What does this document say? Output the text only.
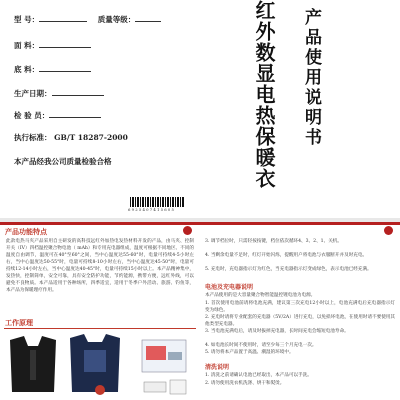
型 号：	质量等级：
面 料：
底 料：
生产日期：
检 验 员：
执行标准： GB/T 18287-2000
本产品经我公司质量检验合格
6 9 2 5 4 0 7 4 1 5 6 0 5
红外数显电热保暖衣 产品使用说明书
产品功能特点
此款电热马夹产品采用自主研发的高科技远红外加热电发热材料开发的产品，由马夹、控制开关（IV）四档温控聚合物电池（ mAh）和专用充电器组成，温度可根据不同地区、不同的温度自由调节，温度可在40°至60°之间，当中心温度达55-60°时，电量可持续4-5小时左右，当中心温度达50-55°时，电量可持续8-10小时左右，当中心温度达45-50°时，电量可持续12-14小时左右，当中心温度达40-45°时，电量可持续15小时以上。本产品精神集中，发热快，控制简单，安全可靠，具有安全防护功能，节约能源，携带方便，远红外线，可以避免不良物质。本产品适用于各种场所，四季适宜，适用于冬季户外活动、旅游、钓鱼等，本产品为保暖理疗作用。
工作原理
3. 调节档位时，只需轻按按键，档位依次循环4、3、2、1、关机。
4. 当剩余电量不足时，红灯开始闪烁，提醒用户将电池与衣服断开并及时充电。
5. 充电时，充电器指示灯为红色，当充电器指示灯变成绿色，表示电池已经充满。
电池及充电器说明
本产品使用的是大容量聚合物智能温控锂电池为电源。
1. 首次使用电池前请将电池充满，建议第三次充电12小时以上，电池充满电后充电器指示灯变为绿色。
2. 充电时请将专业配套的充电器（5V/2A）进行充电，以免损坏电池，在使用时请不要使用其他类型充电器。
3. 当电池充满电后，请及时拔掉充电器，长时间充电会缩短电池寿命。
4. 如电池长时间不使用时，请至少每三个月充电一次。
5. 请勿将本产品置于高温、潮湿的环境中。
清洗说明
1. 清洗之前请确认电池已经取出，本产品可以手洗。
2. 请勿使用洗衣机洗涤、烘干和熨烫。
